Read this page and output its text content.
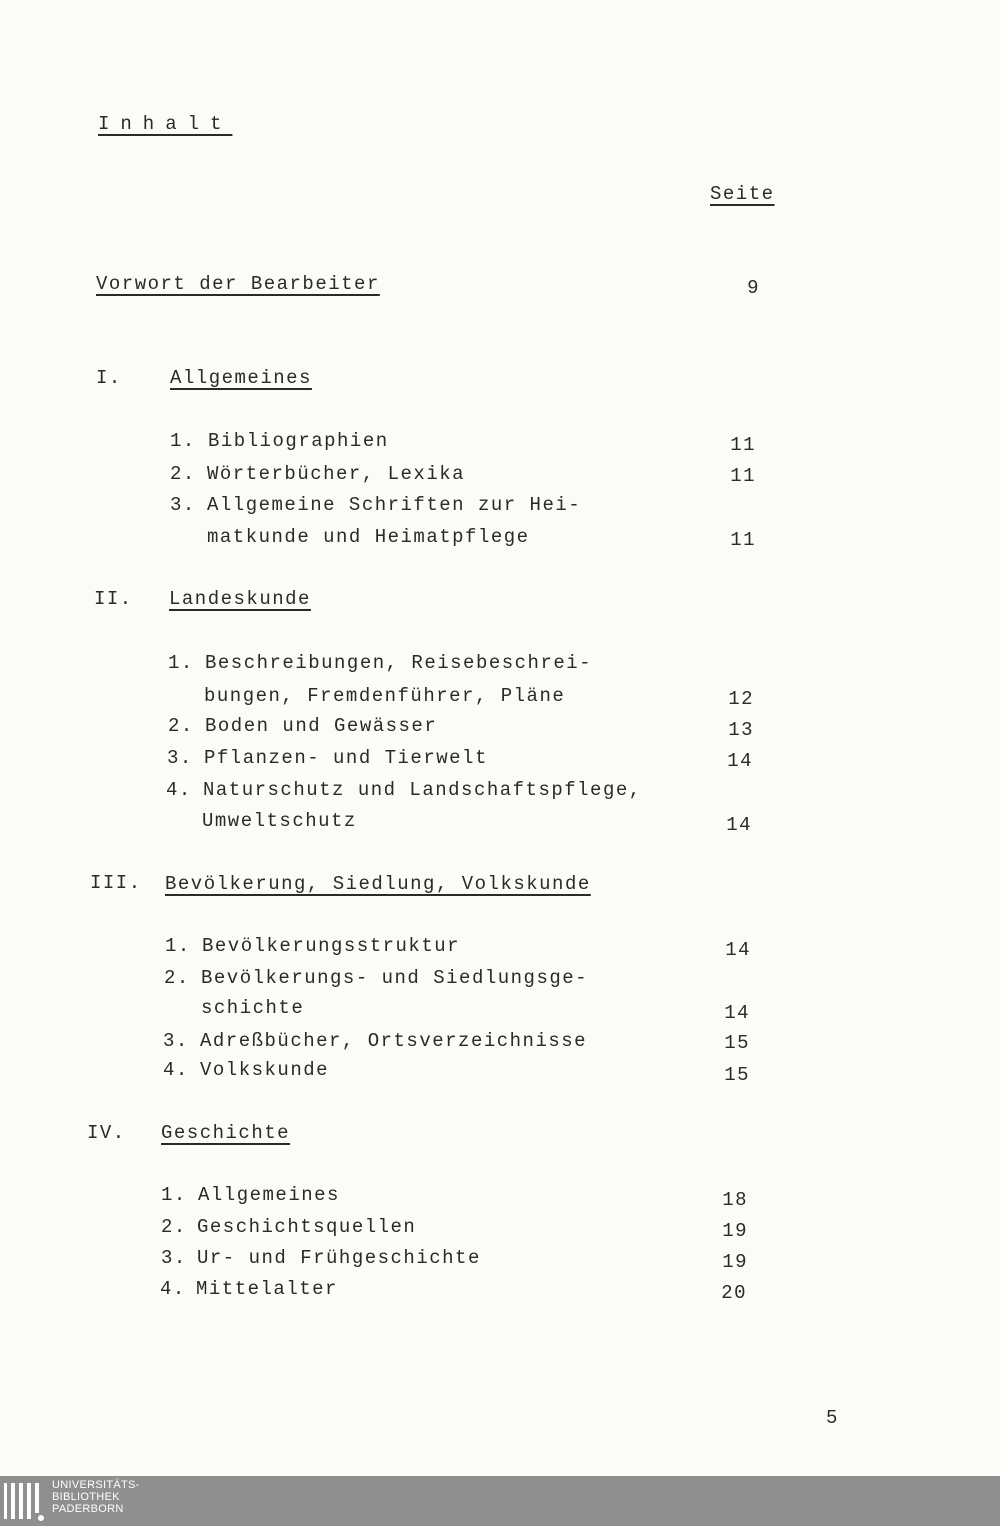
Inhalt
Seite
Vorwort der Bearbeiter	9
I.	Allgemeines
1. Bibliographien	11
2. Wörterbücher, Lexika	11
3. Allgemeine Schriften zur Hei-
matkunde und Heimatpflege	11
II. Landeskunde
1. Beschreibungen, Reisebeschrei-
bungen, Fremdenführer, Pläne	12
2. Boden und Gewässer	13
3. Pflanzen- und Tierwelt	14
4. Naturschutz und Landschaftspflege,
Umweltschutz	14
III. Bevölkerung, Siedlung, Volkskunde
1. Bevölkerungsstruktur	14
2. Bevölkerungs- und Siedlungsge-
schichte	14
3. Adreßbücher, Ortsverzeichnisse	15
4. Volkskunde	15
IV. Geschichte
1. Allgemeines	18
2. Geschichtsquellen	19
3. Ur- und Frühgeschichte	19
4. Mittelalter	20
5
UNIVERSITÄTS-
BIBLIOTHEK
PADERBORN
